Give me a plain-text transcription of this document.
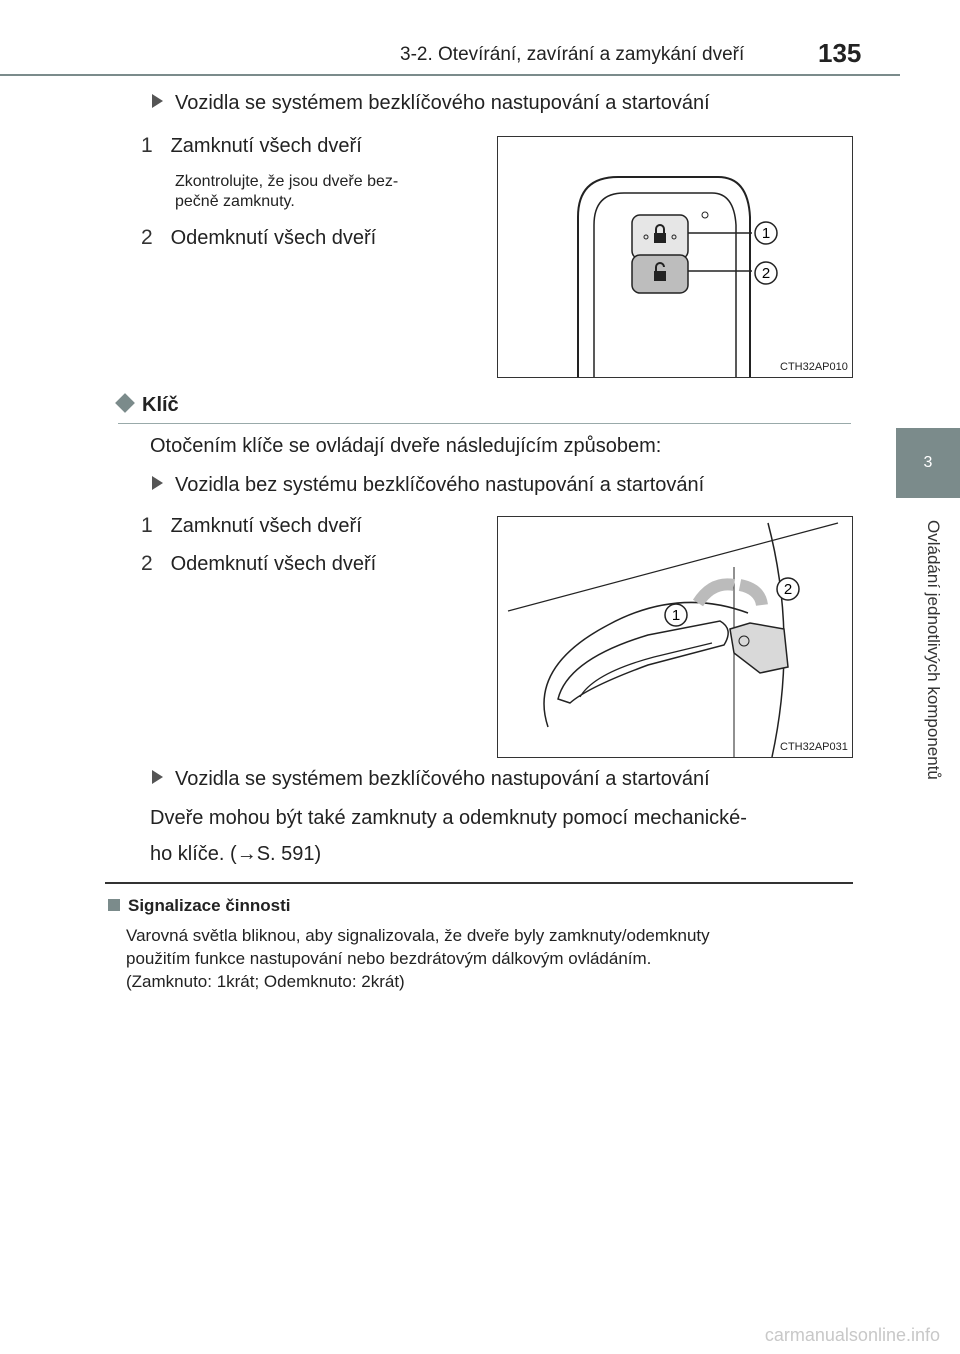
3-2. Otevírání, zavírání a zamykání dveří	135
3
Ovládání jednotlivých komponentů
Vozidla se systémem bezklíčového nastupování a startování
1 Zamknutí všech dveří
Zkontrolujte, že jsou dveře bez-
pečně zamknuty.
2 Odemknutí všech dveří	1
2
CTH32AP010
Klíč
Otočením klíče se ovládají dveře následujícím způsobem:
Vozidla bez systému bezklíčového nastupování a startování
1 Zamknutí všech dveří
2 Odemknutí všech dveří
1
2
CTH32AP031
Vozidla se systémem bezklíčového nastupování a startování
Dveře mohou být také zamknuty a odemknuty pomocí mechanické-
ho klíče. (→S. 591)
Signalizace činnosti
Varovná světla bliknou, aby signalizovala, že dveře byly zamknuty/odemknuty
použitím funkce nastupování nebo bezdrátovým dálkovým ovládáním.
(Zamknuto: 1krát; Odemknuto: 2krát)
carmanualsonline.info
